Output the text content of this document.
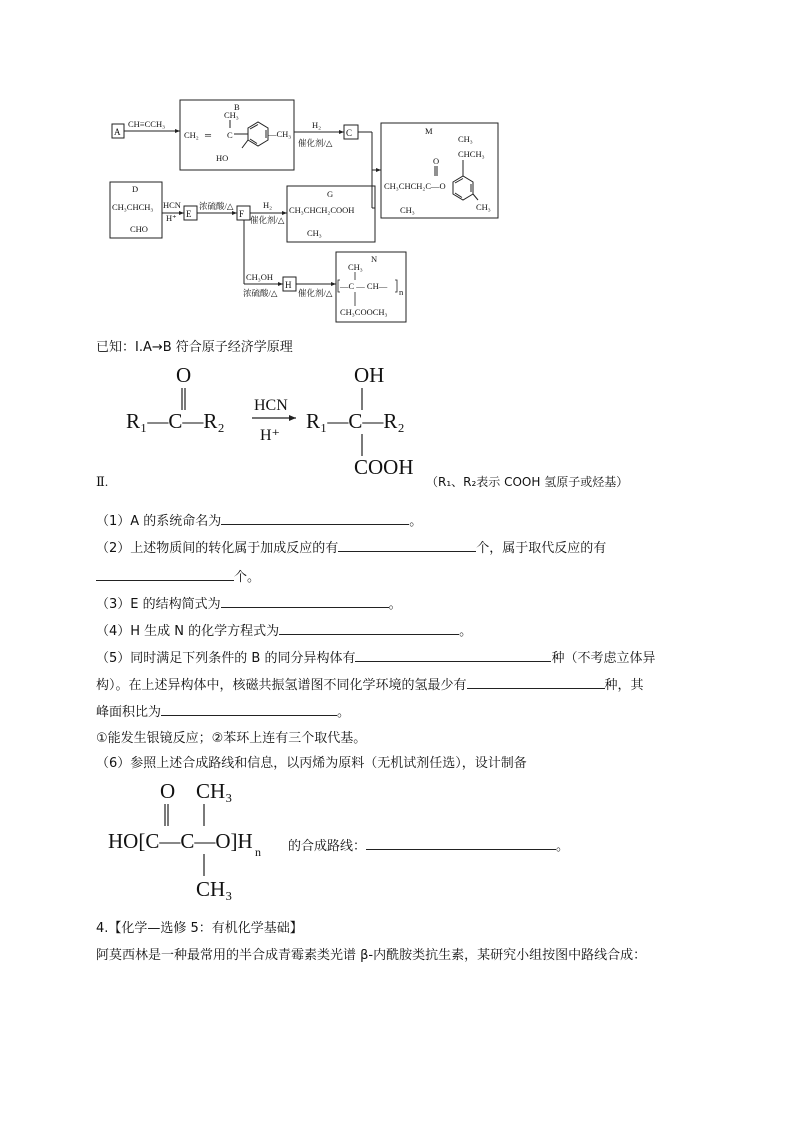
A
CH≡CCH₃
B
CH₃
CH₂ ═ C	—CH₃
HO
H₂
催化剂/△
C	M
CH₃
CHCH₃
O
CH₃CHCH₂C—O
CH₃	CH₃
D
CH₃CHCH₃
CHO
HCN
H⁺ E
浓硫酸/△
F
H₂
催化剂/△
G
CH₃CHCH₂COOH
CH₃
CH₃OH
浓硫酸/△
H
催化剂/△
N
CH₃
—C — CH—
n
CH₃COOCH₃
已知：Ⅰ.A→B 符合原子经济学原理
O
R₁—C—R₂
HCN
H⁺
OH
R₁—C—R₂
COOH
Ⅱ.	（R₁、R₂表示 COOH 氢原子或烃基）
（1）A 的系统命名为	。
（2）上述物质间的转化属于加成反应的有	个，属于取代反应的有
个。
（3）E 的结构简式为	。
（4）H 生成 N 的化学方程式为	。
（5）同时满足下列条件的 B 的同分异构体有	种（不考虑立体异
构）。在上述异构体中，核磁共振氢谱图不同化学环境的氢最少有	种，其
峰面积比为	。
①能发生银镜反应；②苯环上连有三个取代基。
（6）参照上述合成路线和信息，以丙烯为原料（无机试剂任选），设计制备
O CH₃
HO[C—C—O]H n
CH₃
的合成路线：	。
4.【化学—选修 5：有机化学基础】
阿莫西林是一种最常用的半合成青霉素类光谱 β-内酰胺类抗生素，某研究小组按图中路线合成：
